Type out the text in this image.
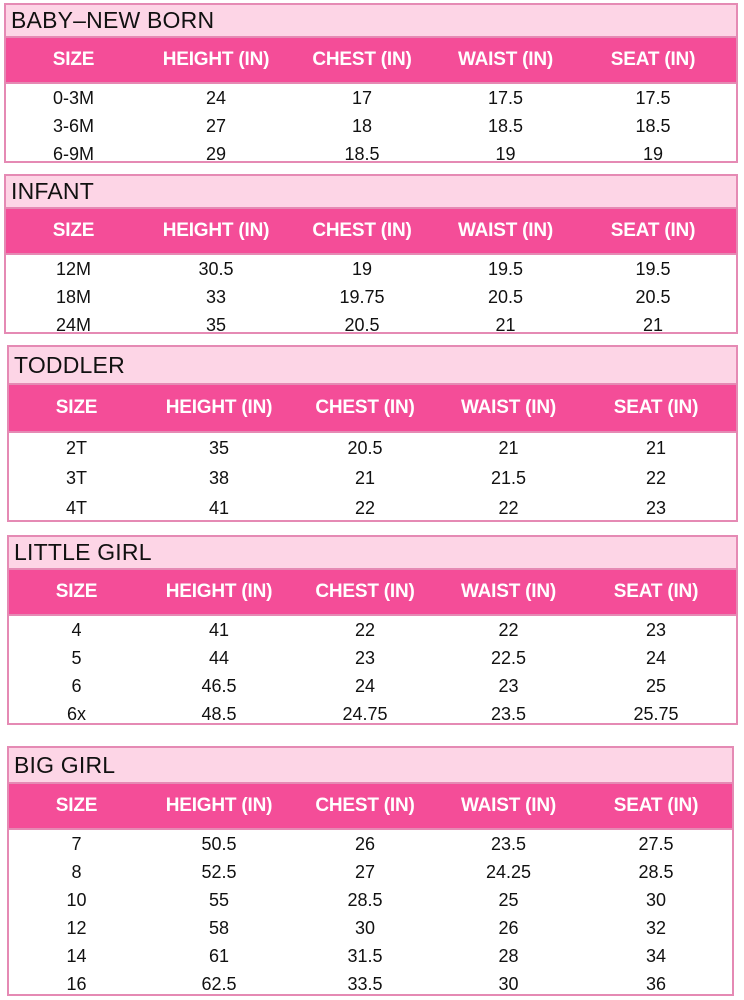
BABY–NEW BORN
SIZE	HEIGHT (IN)	CHEST (IN)	WAIST (IN)	SEAT (IN)
0-3M	24	17	17.5	17.5
3-6M	27	18	18.5	18.5
6-9M	29	18.5	19	19
INFANT
SIZE	HEIGHT (IN)	CHEST (IN)	WAIST (IN)	SEAT (IN)
12M	30.5	19	19.5	19.5
18M	33	19.75	20.5	20.5
24M	35	20.5	21	21
TODDLER
SIZE	HEIGHT (IN)	CHEST (IN)	WAIST (IN)	SEAT (IN)
2T	35	20.5	21	21
3T	38	21	21.5	22
4T	41	22	22	23
LITTLE GIRL
SIZE	HEIGHT (IN)	CHEST (IN)	WAIST (IN)	SEAT (IN)
4	41	22	22	23
5	44	23	22.5	24
6	46.5	24	23	25
6x	48.5	24.75	23.5	25.75
BIG GIRL
SIZE	HEIGHT (IN)	CHEST (IN)	WAIST (IN)	SEAT (IN)
7	50.5	26	23.5	27.5
8	52.5	27	24.25	28.5
10	55	28.5	25	30
12	58	30	26	32
14	61	31.5	28	34
16	62.5	33.5	30	36
